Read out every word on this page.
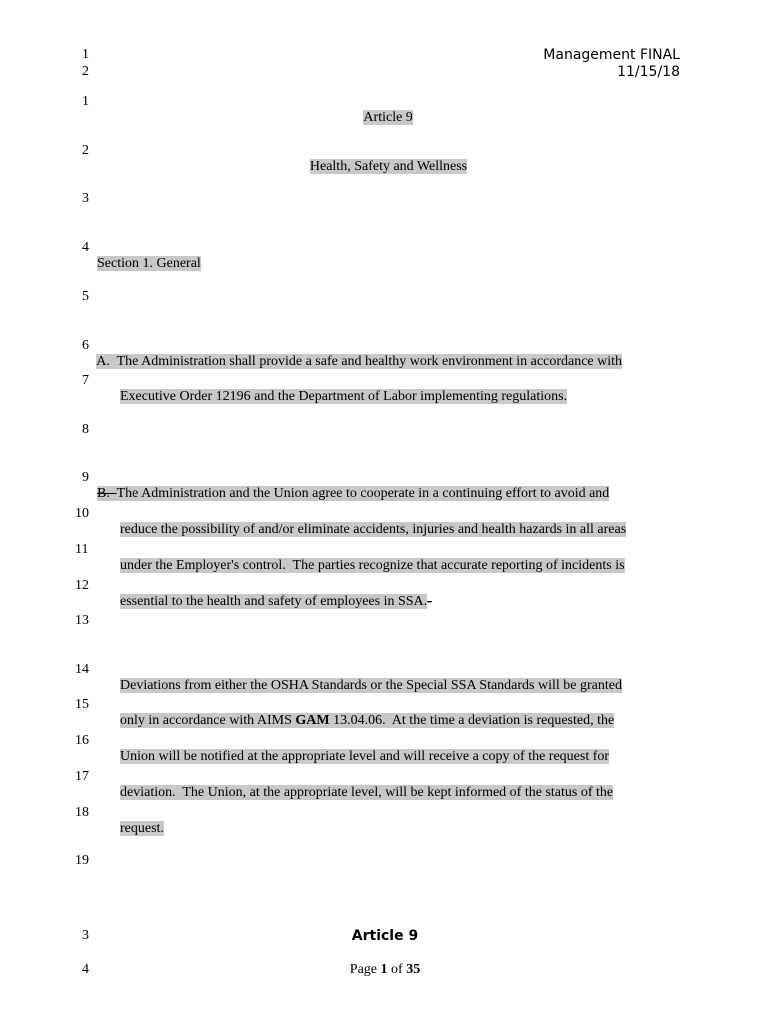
1
2
Management FINAL
11/15/18
1
2
3
4
5
6
7
8
9
10
11
12
13
14
15
16
17
18
19

Article 9

Health, Safety and Wellness

Section 1. General

A. The Administration shall provide a safe and healthy work environment in accordance with

Executive Order 12196 and the Department of Labor implementing regulations.

B. The Administration and the Union agree to cooperate in a continuing effort to avoid and

reduce the possibility of and/or eliminate accidents, injuries and health hazards in all areas

under the Employer's control.  The parties recognize that accurate reporting of incidents is

essential to the health and safety of employees in SSA.-

Deviations from either the OSHA Standards or the Special SSA Standards will be granted

only in accordance with AIMS GAM 13.04.06.  At the time a deviation is requested, the

Union will be notified at the appropriate level and will receive a copy of the request for

deviation.  The Union, at the appropriate level, will be kept informed of the status of the

request.

3
4
Article 9
Page 1 of 35
